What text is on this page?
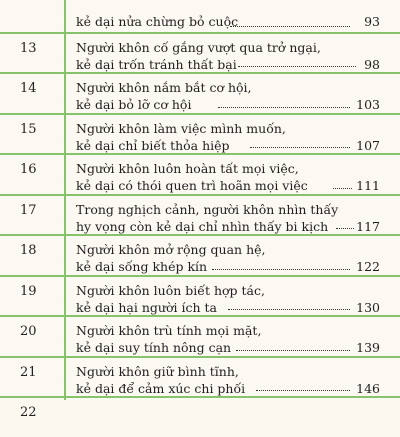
kẻ dại nửa chừng bỏ cuộc	93
13	Người khôn cố gắng vượt qua trở ngại,
kẻ dại trốn tránh thất bại	98
14	Người khôn nắm bắt cơ hội,
kẻ dại bỏ lỡ cơ hội	103
15	Người khôn làm việc mình muốn,
kẻ dại chỉ biết thỏa hiệp	107
16	Người khôn luôn hoàn tất mọi việc,
kẻ dại có thói quen trì hoãn mọi việc	111
17	Trong nghịch cảnh, người khôn nhìn thấy
hy vọng còn kẻ dại chỉ nhìn thấy bi kịch 117
18	Người khôn mở rộng quan hệ,
kẻ dại sống khép kín	122
19	Người khôn luôn biết hợp tác,
kẻ dại hại người ích ta	130
20	Người khôn trù tính mọi mặt,
kẻ dại suy tính nông cạn	139
21	Người khôn giữ bình tĩnh,
kẻ dại để cảm xúc chi phối	146
22
